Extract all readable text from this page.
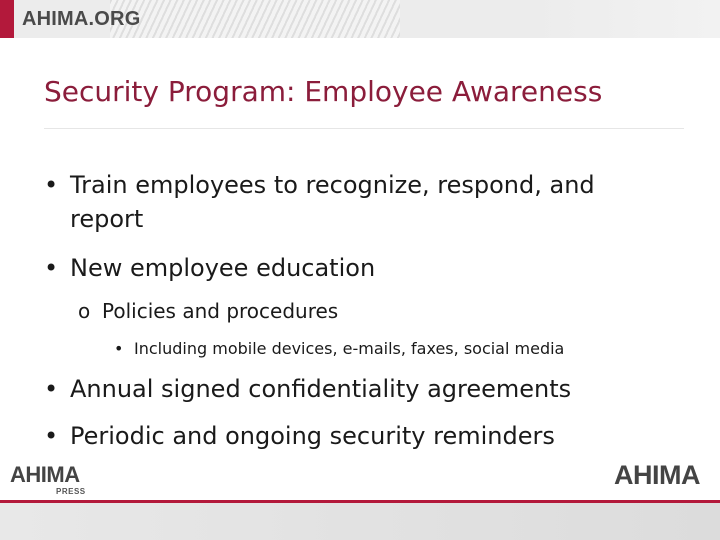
AHIMA.ORG
Security Program: Employee Awareness
• Train employees to recognize, respond, and report
• New employee education
o Policies and procedures
• Including mobile devices, e-mails, faxes, social media
• Annual signed confidentiality agreements
• Periodic and ongoing security reminders
AHIMA
PRESS
AHIMA
